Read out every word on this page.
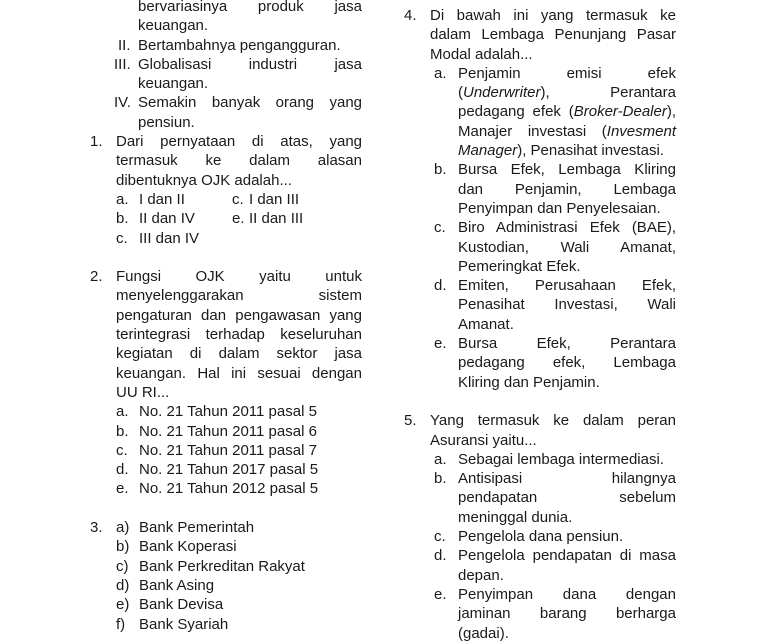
bervariasinya produk jasa
keuangan.
II. Bertambahnya pengangguran.
III. Globalisasi industri jasa
keuangan.
IV. Semakin banyak orang yang
pensiun.
1. Dari pernyataan di atas, yang
termasuk ke dalam alasan
dibentuknya OJK adalah...
a. I dan II	c. I dan III
b. II dan IV e. II dan III
c. III dan IV
2. Fungsi OJK yaitu untuk
menyelenggarakan sistem
pengaturan dan pengawasan yang
terintegrasi terhadap keseluruhan
kegiatan di dalam sektor jasa
keuangan. Hal ini sesuai dengan
UU RI...
a. No. 21 Tahun 2011 pasal 5
b. No. 21 Tahun 2011 pasal 6
c. No. 21 Tahun 2011 pasal 7
d. No. 21 Tahun 2017 pasal 5
e. No. 21 Tahun 2012 pasal 5
3. a) Bank Pemerintah
b) Bank Koperasi
c) Bank Perkreditan Rakyat
d) Bank Asing
e) Bank Devisa
f) Bank Syariah
4. Di bawah ini yang termasuk ke
dalam Lembaga Penunjang Pasar
Modal adalah...
a. Penjamin emisi efek
(Underwriter), Perantara
pedagang efek (Broker-Dealer),
Manajer investasi (Invesment
Manager), Penasihat investasi.
b. Bursa Efek, Lembaga Kliring
dan Penjamin, Lembaga
Penyimpan dan Penyelesaian.
c. Biro Administrasi Efek (BAE),
Kustodian, Wali Amanat,
Pemeringkat Efek.
d. Emiten, Perusahaan Efek,
Penasihat Investasi, Wali
Amanat.
e. Bursa Efek, Perantara
pedagang efek, Lembaga
Kliring dan Penjamin.
5. Yang termasuk ke dalam peran
Asuransi yaitu...
a. Sebagai lembaga intermediasi.
b. Antisipasi hilangnya
pendapatan sebelum
meninggal dunia.
c. Pengelola dana pensiun.
d. Pengelola pendapatan di masa
depan.
e. Penyimpan dana dengan
jaminan barang berharga
(gadai).
